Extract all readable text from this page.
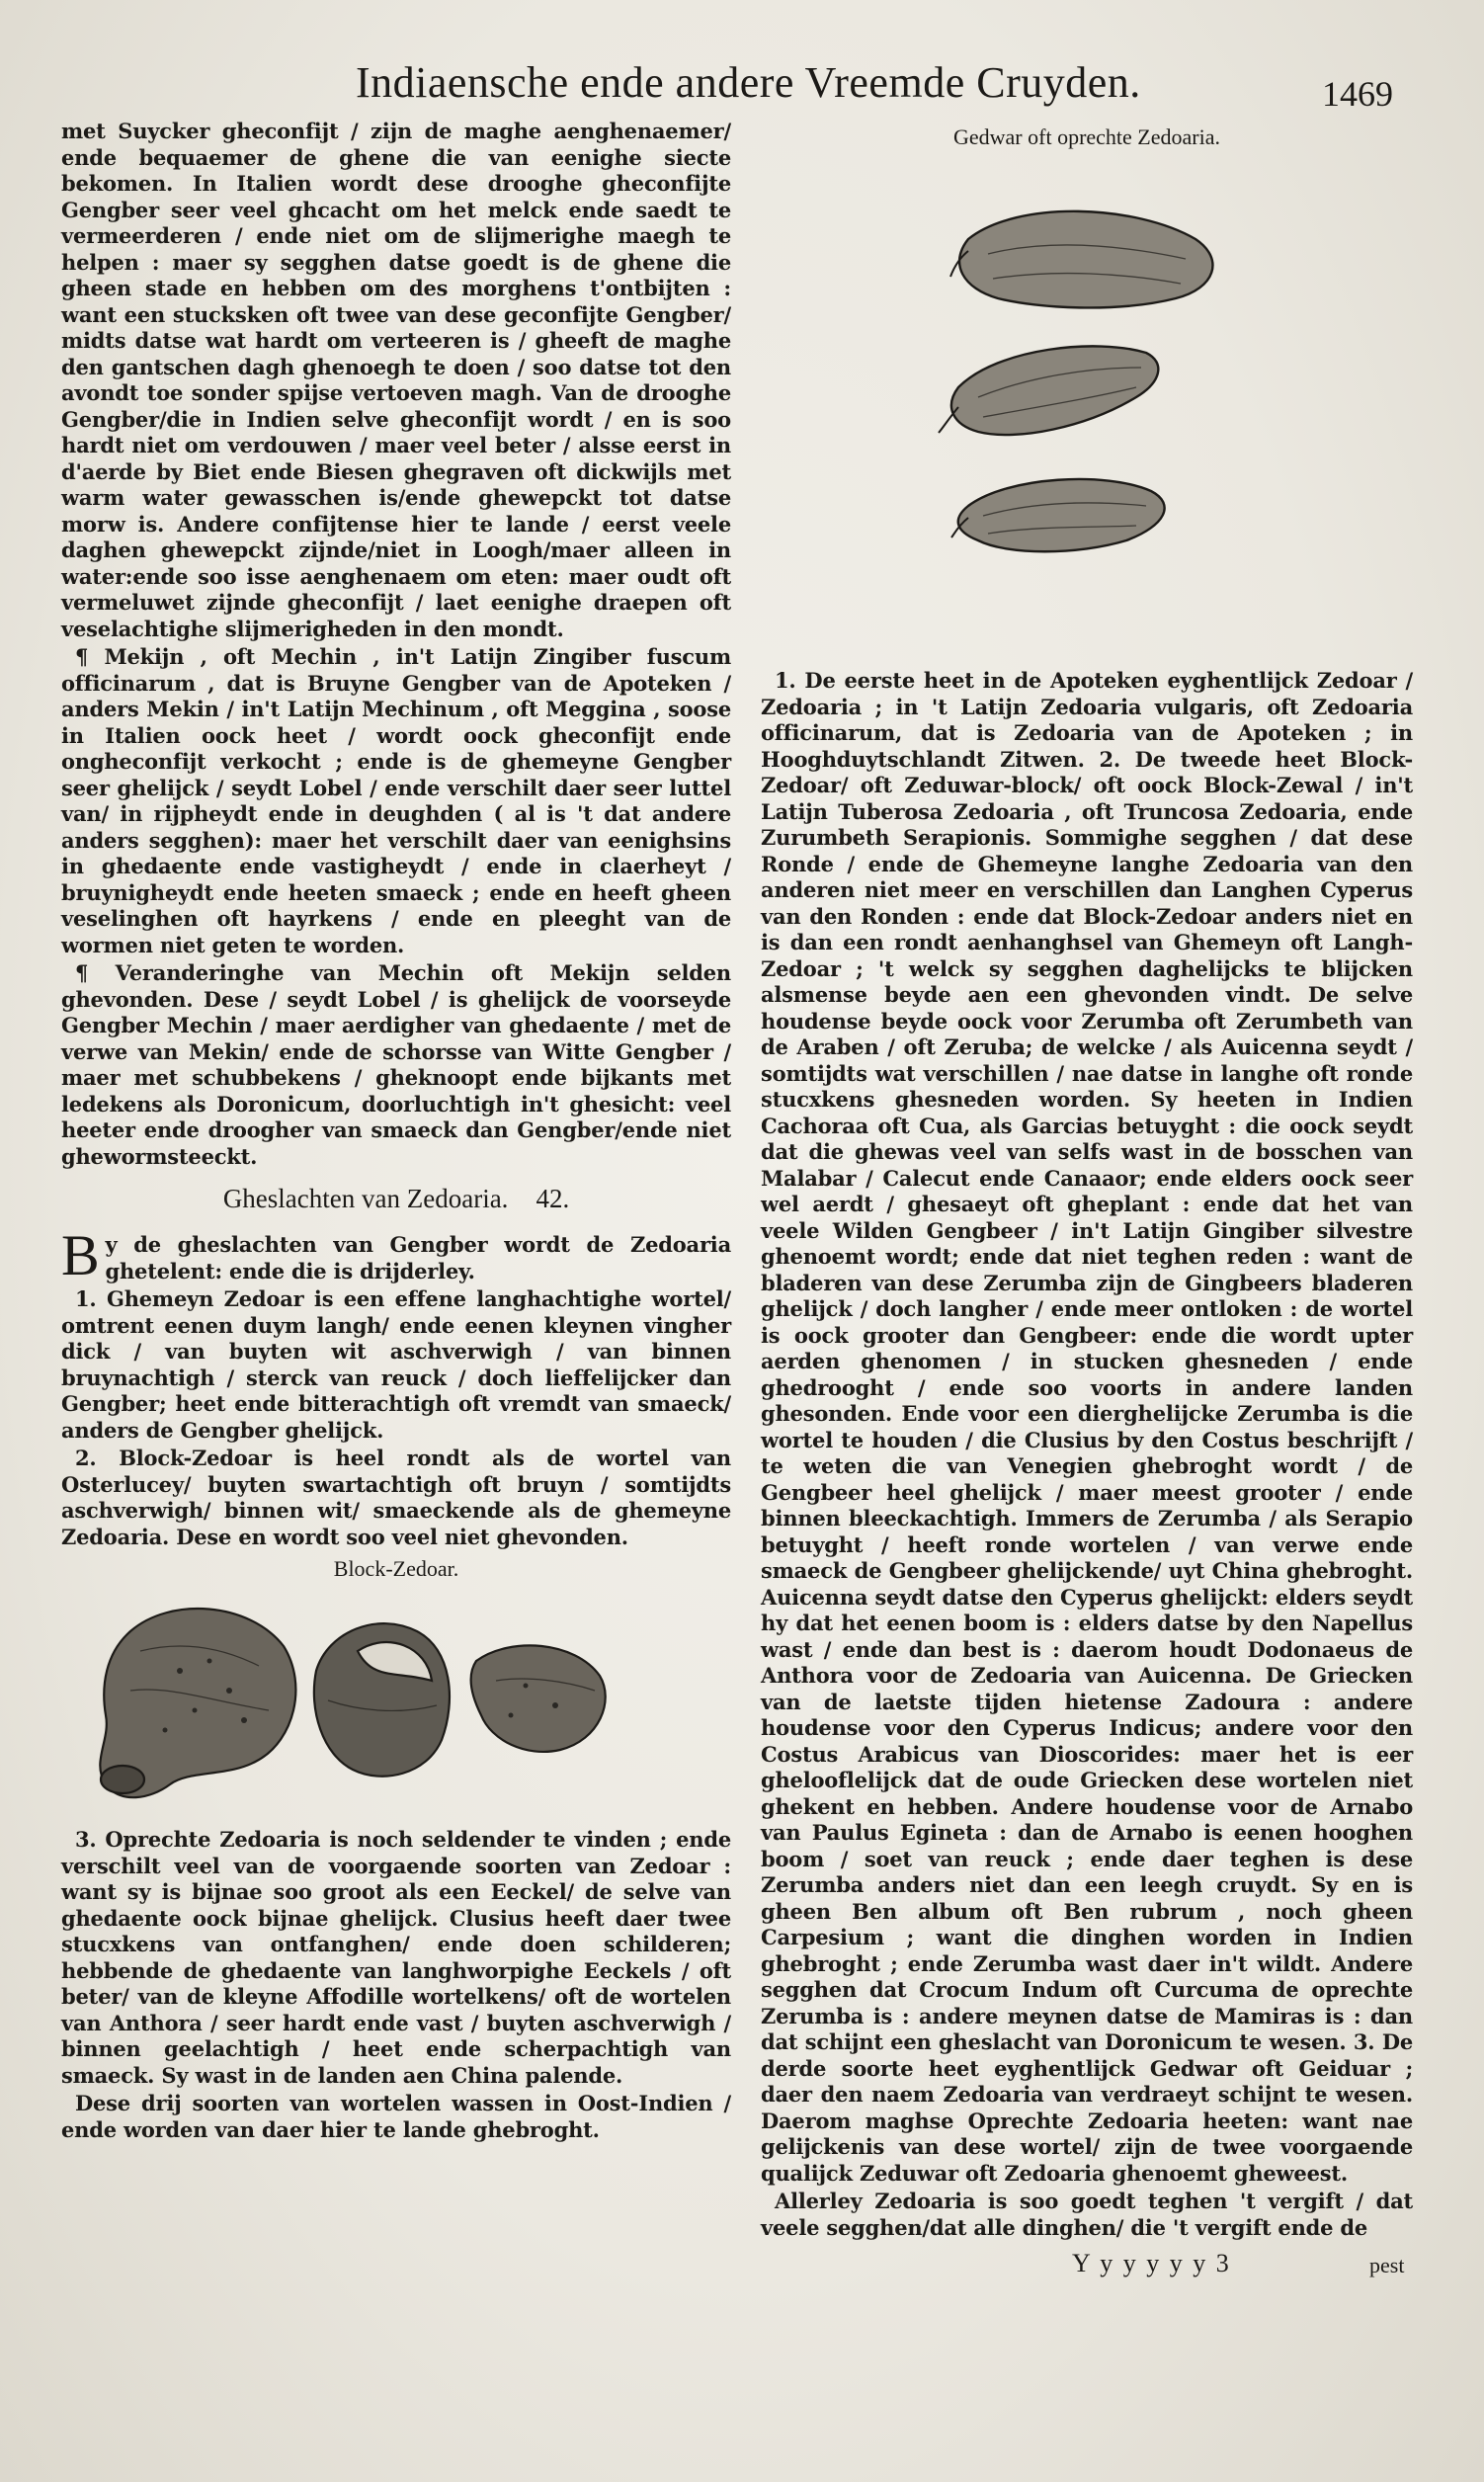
Indiaensche ende andere Vreemde Cruyden.	1469

met Suycker gheconfijt / zijn de maghe aenghenaemer/ ende bequaemer de ghene die van eenighe siecte bekomen. In Italien wordt dese drooghe gheconfijte Gengber seer veel ghcacht om het melck ende saedt te vermeerderen / ende niet om de slijmerighe maegh te helpen : maer sy segghen datse goedt is de ghene die gheen stade en hebben om des morghens t'ontbijten : want een stucksken oft twee van dese geconfijte Gengber/ midts datse wat hardt om verteeren is / gheeft de maghe den gantschen dagh ghenoegh te doen / soo datse tot den avondt toe sonder spijse vertoeven magh. Van de drooghe Gengber/die in Indien selve gheconfijt wordt / en is soo hardt niet om verdouwen / maer veel beter / alsse eerst in d'aerde by Biet ende Biesen ghegraven oft dickwijls met warm water gewasschen is/ende ghewepckt tot datse morw is. Andere confijtense hier te lande / eerst veele daghen ghewepckt zijnde/niet in Loogh/maer alleen in water:ende soo isse aenghenaem om eten: maer oudt oft vermeluwet zijnde gheconfijt / laet eenighe draepen oft veselachtighe slijmerigheden in den mondt.

¶ Mekijn , oft Mechin , in't Latijn Zingiber fuscum officinarum , dat is Bruyne Gengber van de Apoteken / anders Mekin / in't Latijn Mechinum , oft Meggina , soose in Italien oock heet / wordt oock gheconfijt ende ongheconfijt verkocht ; ende is de ghemeyne Gengber seer ghelijck / seydt Lobel / ende verschilt daer seer luttel van/ in rijpheydt ende in deughden ( al is 't dat andere anders segghen): maer het verschilt daer van eenighsins in ghedaente ende vastigheydt / ende in claerheyt / bruynigheydt ende heeten smaeck ; ende en heeft gheen veselinghen oft hayrkens / ende en pleeght van de wormen niet geten te worden.

¶ Veranderinghe van Mechin oft Mekijn selden ghevonden. Dese / seydt Lobel / is ghelijck de voorseyde Gengber Mechin / maer aerdigher van ghedaente / met de verwe van Mekin/ ende de schorsse van Witte Gengber / maer met schubbekens / gheknoopt ende bijkants met ledekens als Doronicum, doorluchtigh in't ghesicht: veel heeter ende droogher van smaeck dan Gengber/ende niet ghewormsteeckt.

Gheslachten van Zedoaria. 42.

By de gheslachten van Gengber wordt de Zedoaria ghetelent: ende die is drijderley.

1. Ghemeyn Zedoar is een effene langhachtighe wortel/ omtrent eenen duym langh/ ende eenen kleynen vingher dick / van buyten wit aschverwigh / van binnen bruynachtigh / sterck van reuck / doch lieffelijcker dan Gengber; heet ende bitterachtigh oft vremdt van smaeck/ anders de Gengber ghelijck.

2. Block-Zedoar is heel rondt als de wortel van Osterlucey/ buyten swartachtigh oft bruyn / somtijdts aschverwigh/ binnen wit/ smaeckende als de ghemeyne Zedoaria. Dese en wordt soo veel niet ghevonden.

Block-Zedoar.

3. Oprechte Zedoaria is noch seldender te vinden ; ende verschilt veel van de voorgaende soorten van Zedoar : want sy is bijnae soo groot als een Eeckel/ de selve van ghedaente oock bijnae ghelijck. Clusius heeft daer twee stucxkens van ontfanghen/ ende doen schilderen; hebbende de ghedaente van langhworpighe Eeckels / oft beter/ van de kleyne Affodille wortelkens/ oft de wortelen van Anthora / seer hardt ende vast / buyten aschverwigh / binnen geelachtigh / heet ende scherpachtigh van smaeck. Sy wast in de landen aen China palende.

Dese drij soorten van wortelen wassen in Oost-Indien / ende worden van daer hier te lande ghebroght.

Gedwar oft oprechte Zedoaria.

1. De eerste heet in de Apoteken eyghentlijck Zedoar / Zedoaria ; in 't Latijn Zedoaria vulgaris, oft Zedoaria officinarum, dat is Zedoaria van de Apoteken ; in Hooghduytschlandt Zitwen. 2. De tweede heet Block-Zedoar/ oft Zeduwar-block/ oft oock Block-Zewal / in't Latijn Tuberosa Zedoaria , oft Truncosa Zedoaria, ende Zurumbeth Serapionis. Sommighe segghen / dat dese Ronde / ende de Ghemeyne langhe Zedoaria van den anderen niet meer en verschillen dan Langhen Cyperus van den Ronden : ende dat Block-Zedoar anders niet en is dan een rondt aenhanghsel van Ghemeyn oft Langh-Zedoar ; 't welck sy segghen daghelijcks te blijcken alsmense beyde aen een ghevonden vindt. De selve houdense beyde oock voor Zerumba oft Zerumbeth van de Araben / oft Zeruba; de welcke / als Auicenna seydt / somtijdts wat verschillen / nae datse in langhe oft ronde stucxkens ghesneden worden. Sy heeten in Indien Cachoraa oft Cua, als Garcias betuyght : die oock seydt dat die ghewas veel van selfs wast in de bosschen van Malabar / Calecut ende Canaaor; ende elders oock seer wel aerdt / ghesaeyt oft gheplant : ende dat het van veele Wilden Gengbeer / in't Latijn Gingiber silvestre ghenoemt wordt; ende dat niet teghen reden : want de bladeren van dese Zerumba zijn de Gingbeers bladeren ghelijck / doch langher / ende meer ontloken : de wortel is oock grooter dan Gengbeer: ende die wordt upter aerden ghenomen / in stucken ghesneden / ende ghedrooght / ende soo voorts in andere landen ghesonden. Ende voor een dierghelijcke Zerumba is die wortel te houden / die Clusius by den Costus beschrijft / te weten die van Venegien ghebroght wordt / de Gengbeer heel ghelijck / maer meest grooter / ende binnen bleeckachtigh. Immers de Zerumba / als Serapio betuyght / heeft ronde wortelen / van verwe ende smaeck de Gengbeer ghelijckende/ uyt China ghebroght. Auicenna seydt datse den Cyperus ghelijckt: elders seydt hy dat het eenen boom is : elders datse by den Napellus wast / ende dan best is : daerom houdt Dodonaeus de Anthora voor de Zedoaria van Auicenna. De Griecken van de laetste tijden hietense Zadoura : andere houdense voor den Cyperus Indicus; andere voor den Costus Arabicus van Dioscorides: maer het is eer ghelooflelijck dat de oude Griecken dese wortelen niet ghekent en hebben. Andere houdense voor de Arnabo van Paulus Egineta : dan de Arnabo is eenen hooghen boom / soet van reuck ; ende daer teghen is dese Zerumba anders niet dan een leegh cruydt. Sy en is gheen Ben album oft Ben rubrum , noch gheen Carpesium ; want die dinghen worden in Indien ghebroght ; ende Zerumba wast daer in't wildt. Andere segghen dat Crocum Indum oft Curcuma de oprechte Zerumba is : andere meynen datse de Mamiras is : dan dat schijnt een gheslacht van Doronicum te wesen. 3. De derde soorte heet eyghentlijck Gedwar oft Geiduar ; daer den naem Zedoaria van verdraeyt schijnt te wesen. Daerom maghse Oprechte Zedoaria heeten: want nae gelijckenis van dese wortel/ zijn de twee voorgaende qualijck Zeduwar oft Zedoaria ghenoemt gheweest.

Allerley Zedoaria is soo goedt teghen 't vergift / dat veele segghen/dat alle dinghen/ die 't vergift ende de

Y y y y y y 3	pest
